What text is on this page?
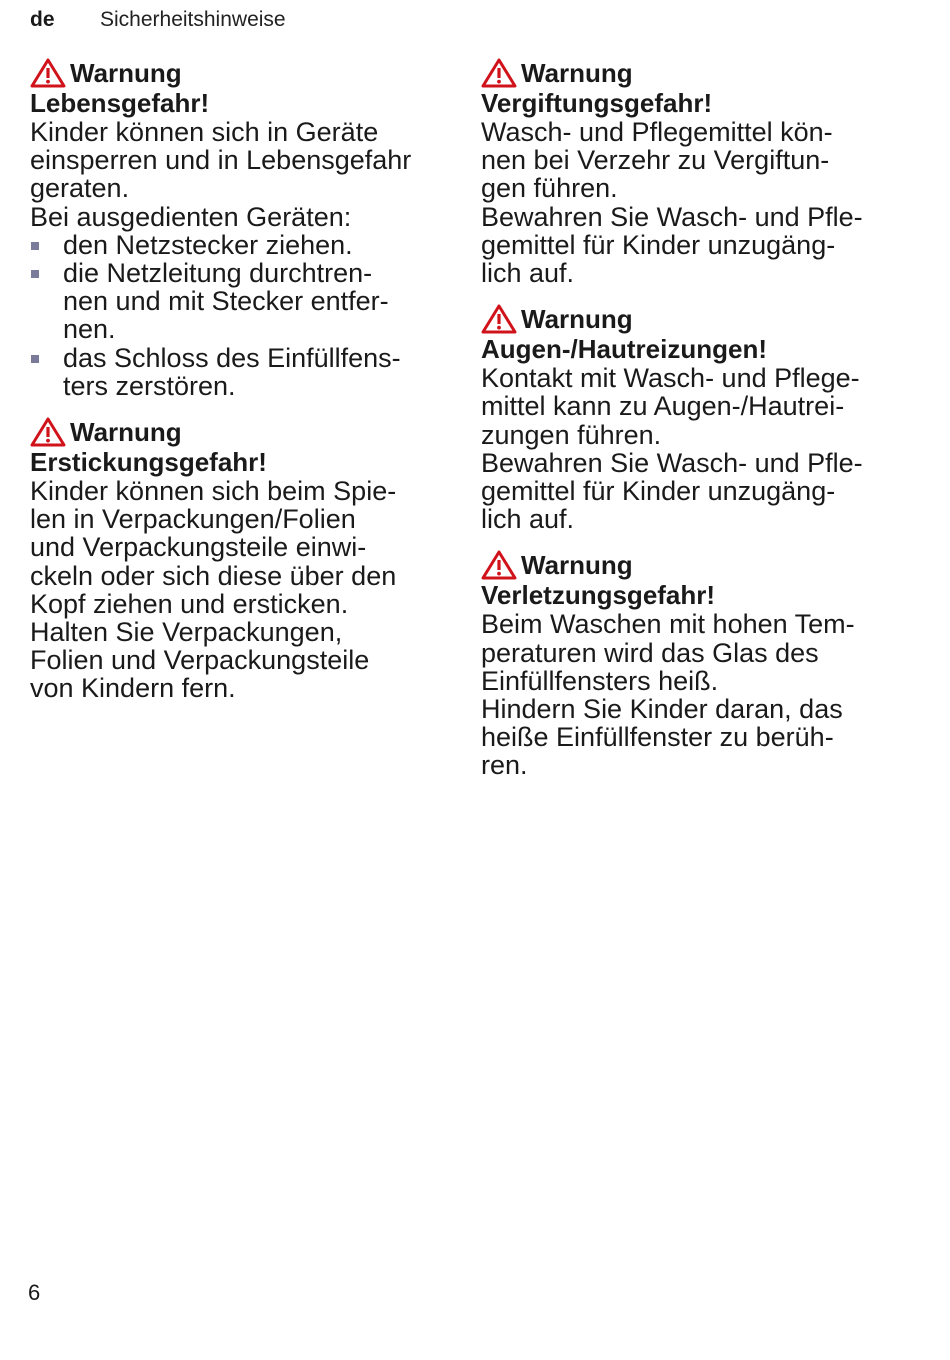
de	Sicherheitshinweise
Warnung
Lebensgefahr!
Kinder können sich in Geräte
einsperren und in Lebensgefahr
geraten.
Bei ausgedienten Geräten:
den Netzstecker ziehen.
die Netzleitung durchtren-
nen und mit Stecker entfer-
nen.
das Schloss des Einfüllfens-
ters zerstören.
Warnung
Erstickungsgefahr!
Kinder können sich beim Spie-
len in Verpackungen/Folien
und Verpackungsteile einwi-
ckeln oder sich diese über den
Kopf ziehen und ersticken.
Halten Sie Verpackungen,
Folien und Verpackungsteile
von Kindern fern.
Warnung
Vergiftungsgefahr!
Wasch- und Pflegemittel kön-
nen bei Verzehr zu Vergiftun-
gen führen.
Bewahren Sie Wasch- und Pfle-
gemittel für Kinder unzugäng-
lich auf.
Warnung
Augen-/Hautreizungen!
Kontakt mit Wasch- und Pflege-
mittel kann zu Augen-/Hautrei-
zungen führen.
Bewahren Sie Wasch- und Pfle-
gemittel für Kinder unzugäng-
lich auf.
Warnung
Verletzungsgefahr!
Beim Waschen mit hohen Tem-
peraturen wird das Glas des
Einfüllfensters heiß.
Hindern Sie Kinder daran, das
heiße Einfüllfenster zu berüh-
ren.
6
